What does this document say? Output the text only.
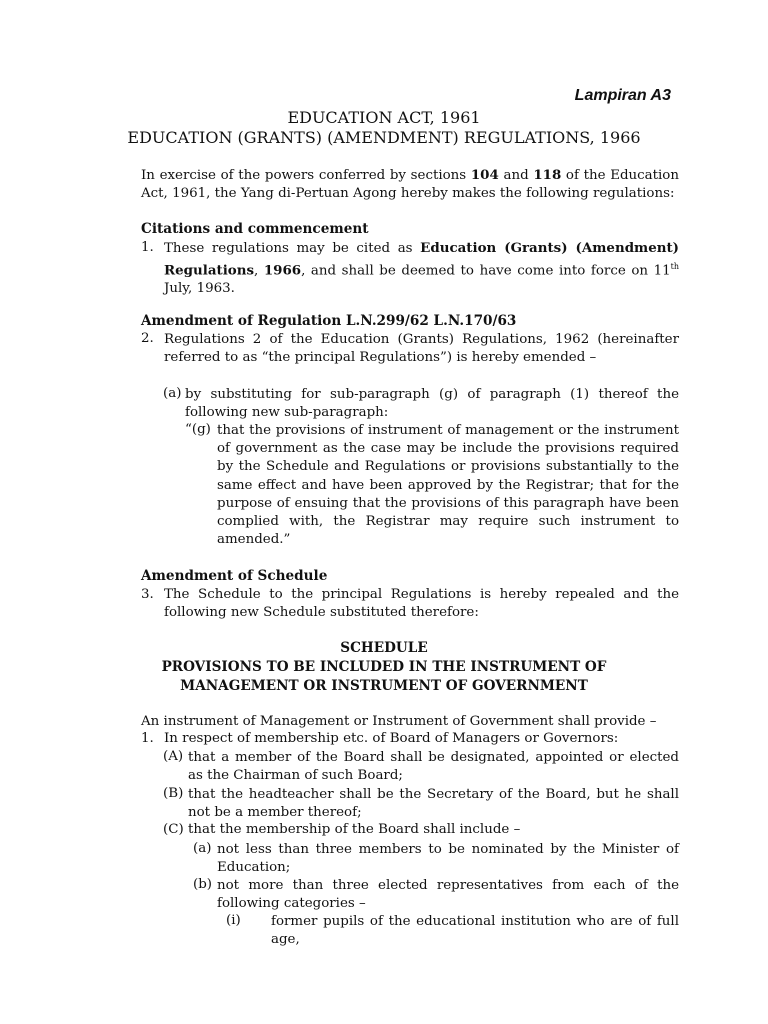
Lampiran A3
EDUCATION ACT, 1961
EDUCATION (GRANTS) (AMENDMENT) REGULATIONS, 1966
In exercise of the powers conferred by sections 104 and 118 of the Education Act, 1961, the Yang di-Pertuan Agong hereby makes the following regulations:
Citations and commencement
1. These regulations may be cited as Education (Grants) (Amendment) Regulations, 1966, and shall be deemed to have come into force on 11th July, 1963.
Amendment of Regulation L.N.299/62 L.N.170/63
2. Regulations 2 of the Education (Grants) Regulations, 1962 (hereinafter referred to as “the principal Regulations”) is hereby emended –
(a) by substituting for sub-paragraph (g) of paragraph (1) thereof the following new sub-paragraph:
“(g) that the provisions of instrument of management or the instrument of government as the case may be include the provisions required by the Schedule and Regulations or provisions substantially to the same effect and have been approved by the Registrar; that for the purpose of ensuing that the provisions of this paragraph have been complied with, the Registrar may require such instrument to amended.”
Amendment of Schedule
3. The Schedule to the principal Regulations is hereby repealed and the following new Schedule substituted therefore:
SCHEDULE
PROVISIONS TO BE INCLUDED IN THE INSTRUMENT OF
MANAGEMENT OR INSTRUMENT OF GOVERNMENT
An instrument of Management or Instrument of Government shall provide –
1. In respect of membership etc. of Board of Managers or Governors:
(A) that a member of the Board shall be designated, appointed or elected as the Chairman of such Board;
(B) that the headteacher shall be the Secretary of the Board, but he shall not be a member thereof;
(C) that the membership of the Board shall include –
(a) not less than three members to be nominated by the Minister of Education;
(b) not more than three elected representatives from each of the following categories –
(i) former pupils of the educational institution who are of full age,
